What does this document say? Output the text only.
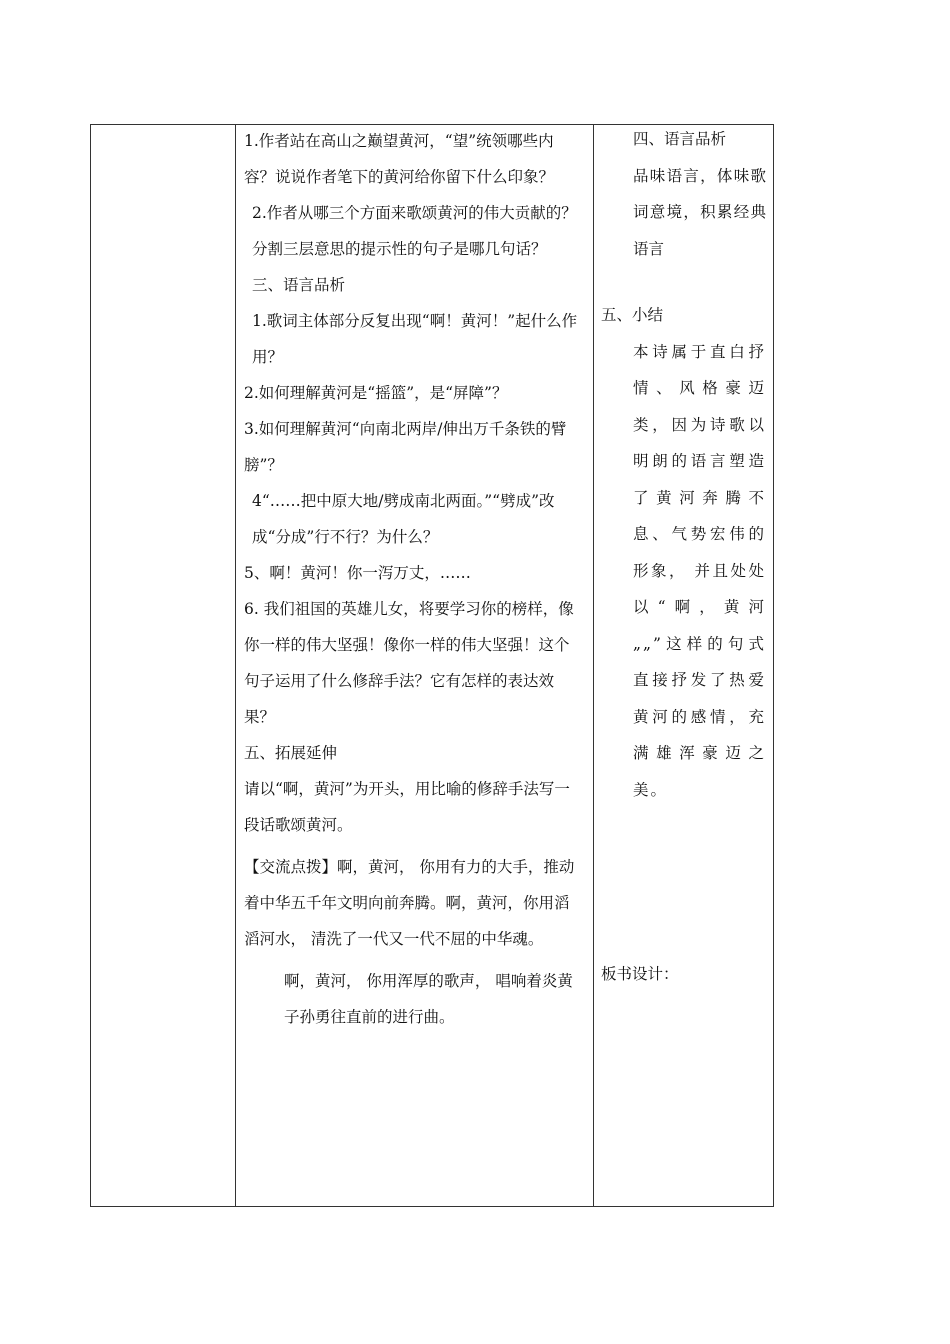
1.作者站在高山之巅望黄河，“望”统领哪些内容？说说作者笔下的黄河给你留下什么印象？

2.作者从哪三个方面来歌颂黄河的伟大贡献的？分割三层意思的提示性的句子是哪几句话？

三、语言品析

1.歌词主体部分反复出现“啊！黄河！”起什么作用？

2.如何理解黄河是“摇篮”，是“屏障”？

3.如何理解黄河“向南北两岸/伸出万千条铁的臂膀”？

4“……把中原大地/劈成南北两面。”“劈成”改成“分成”行不行？为什么？

5、啊！黄河！你一泻万丈，……

6. 我们祖国的英雄儿女，将要学习你的榜样，像你一样的伟大坚强！像你一样的伟大坚强！这个句子运用了什么修辞手法？它有怎样的表达效果？

五、拓展延伸

请以“啊，黄河”为开头，用比喻的修辞手法写一段话歌颂黄河。

【交流点拨】啊，黄河， 你用有力的大手，推动着中华五千年文明向前奔腾。啊，黄河，你用滔滔河水， 清洗了一代又一代不屈的中华魂。

啊，黄河， 你用浑厚的歌声， 唱响着炎黄子孙勇往直前的进行曲。

四、语言品析

品味语言，体味歌词意境，积累经典语言

五、小结

本诗属于直白抒情、风格豪迈类，因为诗歌以明朗的语言塑造了黄河奔腾不息、气势宏伟的形象， 并且处处以“啊，黄河„„”这样的句式直接抒发了热爱黄河的感情，充满雄浑豪迈之美。

板书设计：
